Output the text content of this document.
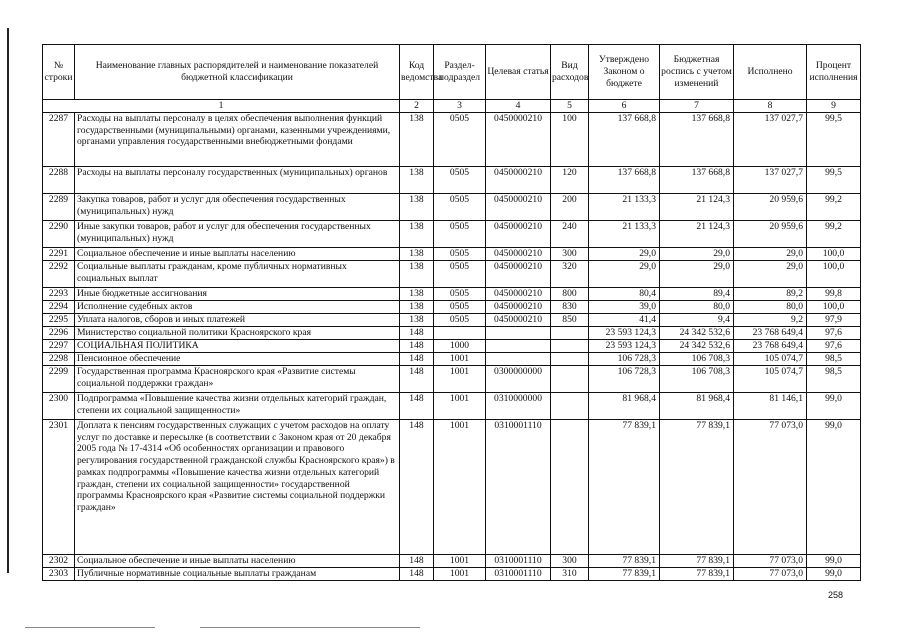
№ строки	Наименование главных распорядителей и наименование показателей бюджетной классификации	Код ведомства	Раздел-подраздел	Целевая статья	Вид расходов	Утверждено Законом о бюджете	Бюджетная роспись с учетом изменений	Исполнено	Процент исполнения
1		2	3	4	5	6	7	8	9
2287	Расходы на выплаты персоналу в целях обеспечения выполнения функций государственными (муниципальными) органами, казенными учреждениями, органами управления государственными внебюджетными фондами	138	0505	0450000210	100	137 668,8	137 668,8	137 027,7	99,5
2288	Расходы на выплаты персоналу государственных (муниципальных) органов	138	0505	0450000210	120	137 668,8	137 668,8	137 027,7	99,5
2289	Закупка товаров, работ и услуг для обеспечения государственных (муниципальных) нужд	138	0505	0450000210	200	21 133,3	21 124,3	20 959,6	99,2
2290	Иные закупки товаров, работ и услуг для обеспечения государственных (муниципальных) нужд	138	0505	0450000210	240	21 133,3	21 124,3	20 959,6	99,2
2291	Социальное обеспечение и иные выплаты населению	138	0505	0450000210	300	29,0	29,0	29,0	100,0
2292	Социальные выплаты гражданам, кроме публичных нормативных социальных выплат	138	0505	0450000210	320	29,0	29,0	29,0	100,0
2293	Иные бюджетные ассигнования	138	0505	0450000210	800	80,4	89,4	89,2	99,8
2294	Исполнение судебных актов	138	0505	0450000210	830	39,0	80,0	80,0	100,0
2295	Уплата налогов, сборов и иных платежей	138	0505	0450000210	850	41,4	9,4	9,2	97,9
2296	Министерство социальной политики Красноярского края	148				23 593 124,3	24 342 532,6	23 768 649,4	97,6
2297	СОЦИАЛЬНАЯ ПОЛИТИКА	148	1000			23 593 124,3	24 342 532,6	23 768 649,4	97,6
2298	Пенсионное обеспечение	148	1001			106 728,3	106 708,3	105 074,7	98,5
2299	Государственная программа Красноярского края «Развитие системы социальной поддержки граждан»	148	1001	0300000000		106 728,3	106 708,3	105 074,7	98,5
2300	Подпрограмма «Повышение качества жизни отдельных категорий граждан, степени их социальной защищенности»	148	1001	0310000000		81 968,4	81 968,4	81 146,1	99,0
2301	Доплата к пенсиям государственных служащих с учетом расходов на оплату услуг по доставке и пересылке (в соответствии с Законом края от 20 декабря 2005 года № 17-4314 «Об особенностях организации и правового регулирования государственной гражданской службы Красноярского края») в рамках подпрограммы «Повышение качества жизни отдельных категорий граждан, степени их социальной защищенности» государственной программы Красноярского края «Развитие системы социальной поддержки граждан»	148	1001	0310001110		77 839,1	77 839,1	77 073,0	99,0
2302	Социальное обеспечение и иные выплаты населению	148	1001	0310001110	300	77 839,1	77 839,1	77 073,0	99,0
2303	Публичные нормативные социальные выплаты гражданам	148	1001	0310001110	310	77 839,1	77 839,1	77 073,0	99,0
258
